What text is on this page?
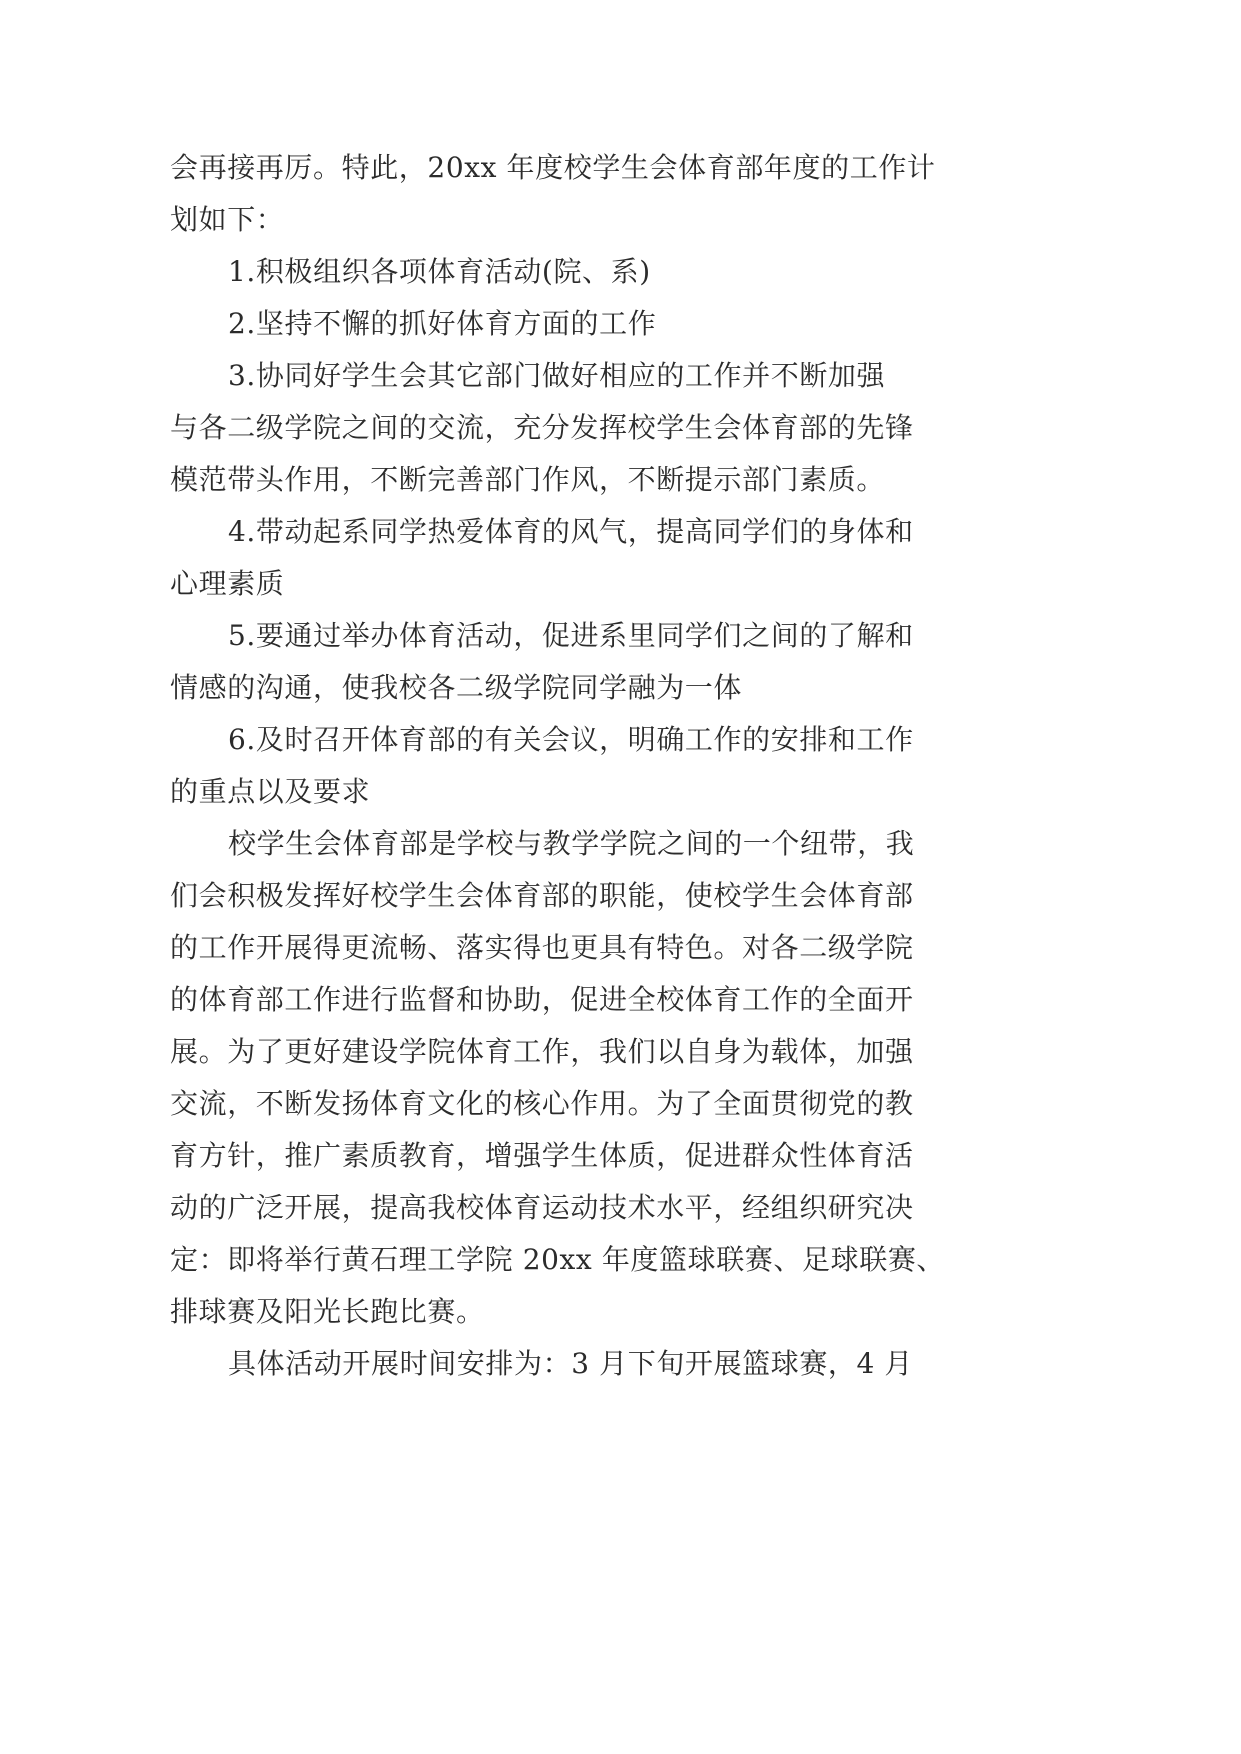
会再接再厉。特此，20xx 年度校学生会体育部年度的工作计
划如下：
1.积极组织各项体育活动(院、系)
2.坚持不懈的抓好体育方面的工作
3.协同好学生会其它部门做好相应的工作并不断加强
与各二级学院之间的交流，充分发挥校学生会体育部的先锋
模范带头作用，不断完善部门作风，不断提示部门素质。
4.带动起系同学热爱体育的风气，提高同学们的身体和
心理素质
5.要通过举办体育活动，促进系里同学们之间的了解和
情感的沟通，使我校各二级学院同学融为一体
6.及时召开体育部的有关会议，明确工作的安排和工作
的重点以及要求
校学生会体育部是学校与教学学院之间的一个纽带，我
们会积极发挥好校学生会体育部的职能，使校学生会体育部
的工作开展得更流畅、落实得也更具有特色。对各二级学院
的体育部工作进行监督和协助，促进全校体育工作的全面开
展。为了更好建设学院体育工作，我们以自身为载体，加强
交流，不断发扬体育文化的核心作用。为了全面贯彻党的教
育方针，推广素质教育，增强学生体质，促进群众性体育活
动的广泛开展，提高我校体育运动技术水平，经组织研究决
定：即将举行黄石理工学院 20xx 年度篮球联赛、足球联赛、
排球赛及阳光长跑比赛。
具体活动开展时间安排为：3 月下旬开展篮球赛，4 月
